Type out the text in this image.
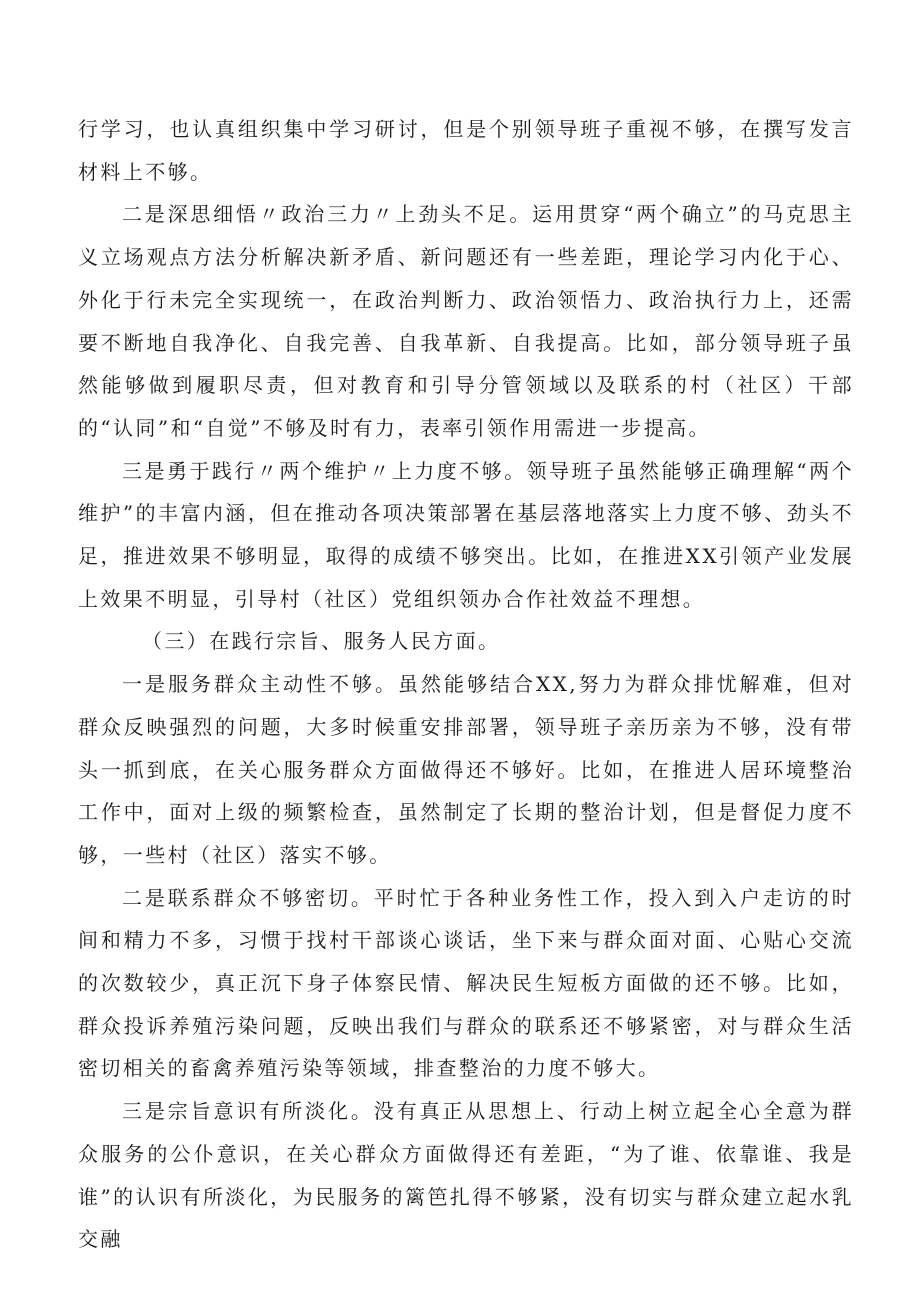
行学习，也认真组织集中学习研讨，但是个别领导班子重视不够，在撰写发言材料上不够。

二是深思细悟〃政治三力〃上劲头不足。运用贯穿“两个确立”的马克思主义立场观点方法分析解决新矛盾、新问题还有一些差距，理论学习内化于心、外化于行未完全实现统一，在政治判断力、政治领悟力、政治执行力上，还需要不断地自我净化、自我完善、自我革新、自我提高。比如，部分领导班子虽然能够做到履职尽责，但对教育和引导分管领域以及联系的村（社区）干部的“认同”和“自觉”不够及时有力，表率引领作用需进一步提高。

三是勇于践行〃两个维护〃上力度不够。领导班子虽然能够正确理解“两个维护”的丰富内涵，但在推动各项决策部署在基层落地落实上力度不够、劲头不足，推进效果不够明显，取得的成绩不够突出。比如，在推进XX引领产业发展上效果不明显，引导村（社区）党组织领办合作社效益不理想。

（三）在践行宗旨、服务人民方面。

一是服务群众主动性不够。虽然能够结合XX,努力为群众排忧解难，但对群众反映强烈的问题，大多时候重安排部署，领导班子亲历亲为不够，没有带头一抓到底，在关心服务群众方面做得还不够好。比如，在推进人居环境整治工作中，面对上级的频繁检查，虽然制定了长期的整治计划，但是督促力度不够，一些村（社区）落实不够。

二是联系群众不够密切。平时忙于各种业务性工作，投入到入户走访的时间和精力不多，习惯于找村干部谈心谈话，坐下来与群众面对面、心贴心交流的次数较少，真正沉下身子体察民情、解决民生短板方面做的还不够。比如，群众投诉养殖污染问题，反映出我们与群众的联系还不够紧密，对与群众生活密切相关的畜禽养殖污染等领域，排查整治的力度不够大。

三是宗旨意识有所淡化。没有真正从思想上、行动上树立起全心全意为群众服务的公仆意识，在关心群众方面做得还有差距，“为了谁、依靠谁、我是谁”的认识有所淡化，为民服务的篱笆扎得不够紧，没有切实与群众建立起水乳交融
